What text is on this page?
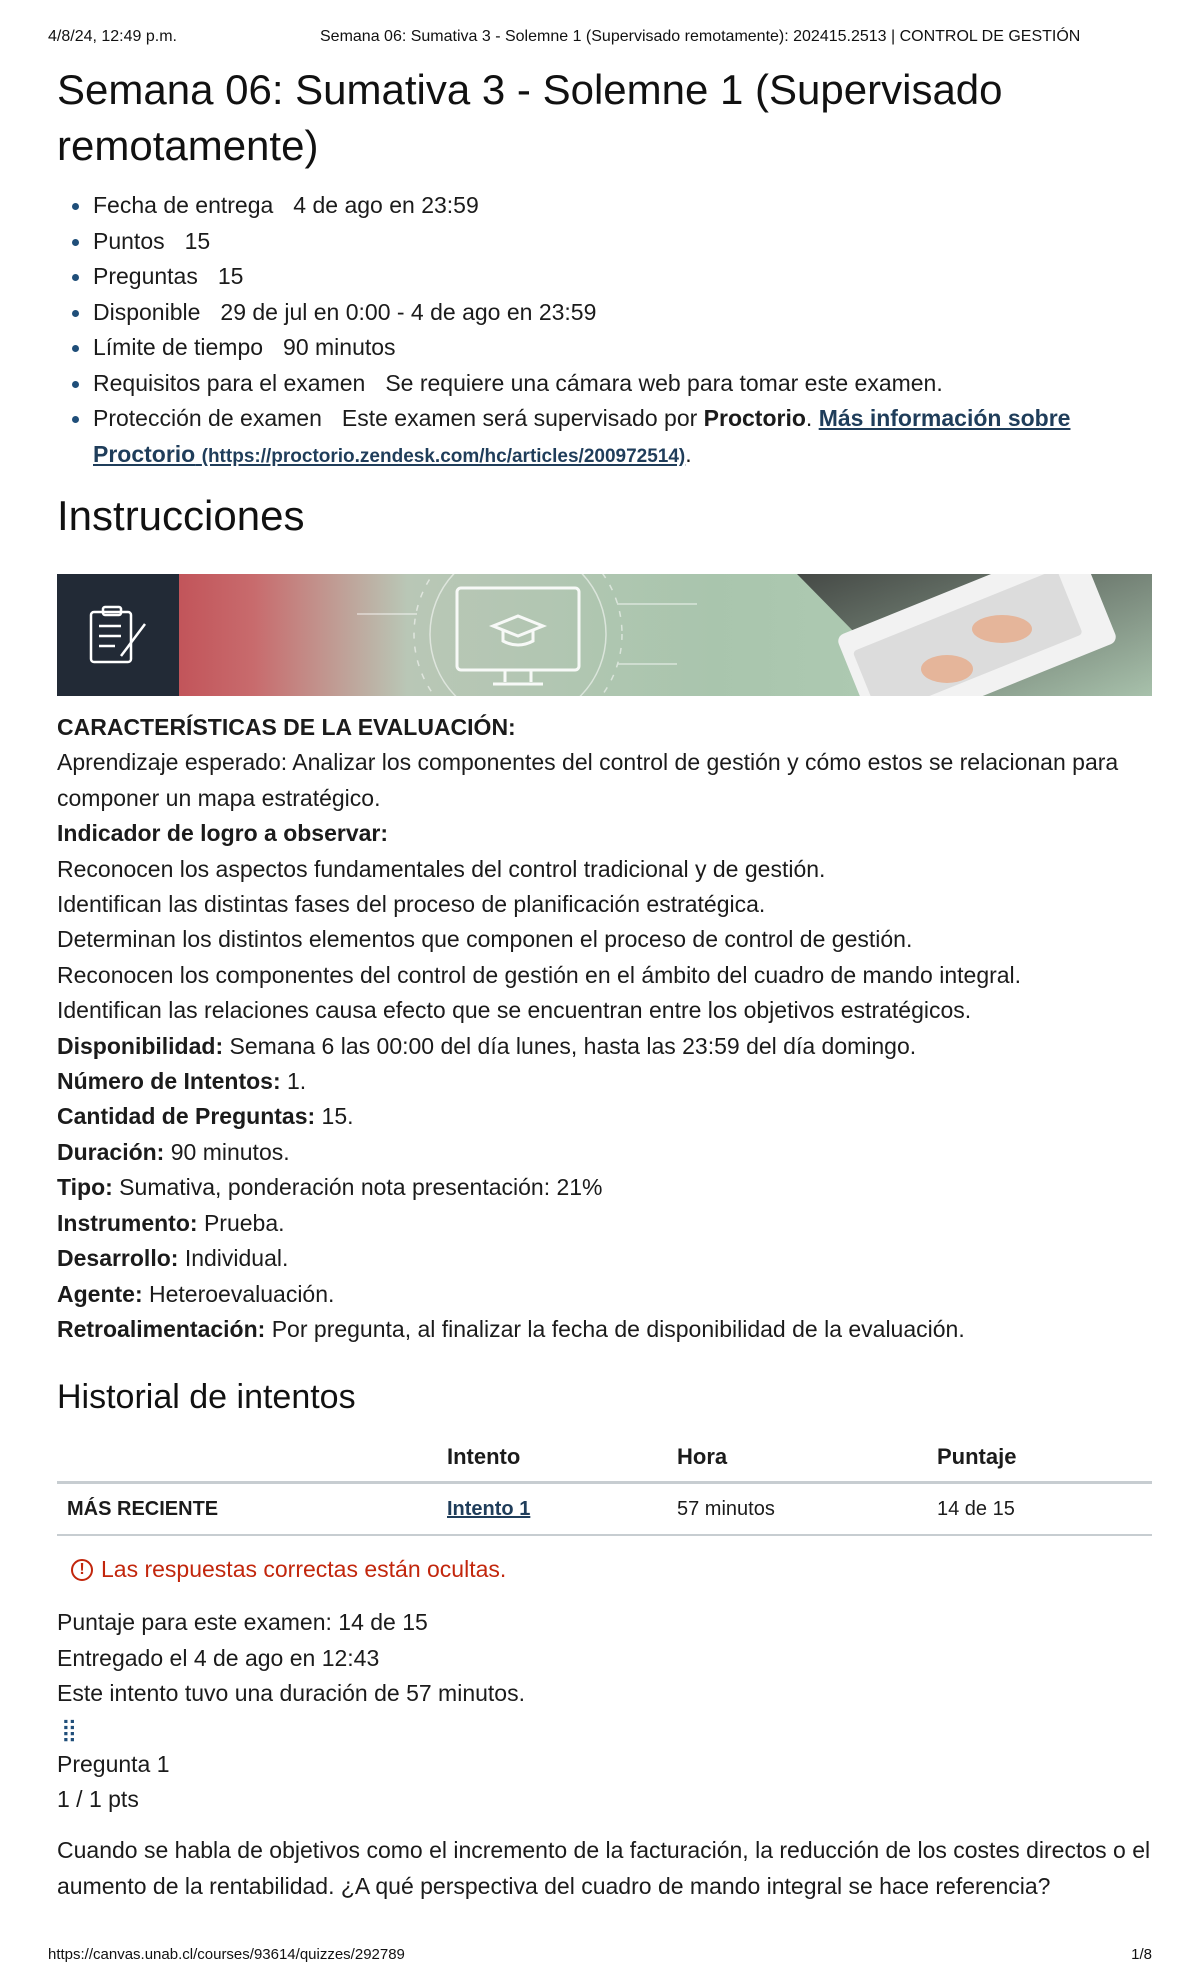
4/8/24, 12:49 p.m.	Semana 06: Sumativa 3 - Solemne 1 (Supervisado remotamente): 202415.2513 | CONTROL DE GESTIÓN
Semana 06: Sumativa 3 - Solemne 1 (Supervisado remotamente)
Fecha de entrega 4 de ago en 23:59
Puntos 15
Preguntas 15
Disponible 29 de jul en 0:00 - 4 de ago en 23:59
Límite de tiempo 90 minutos
Requisitos para el examen Se requiere una cámara web para tomar este examen.
Protección de examen Este examen será supervisado por Proctorio. Más información sobre Proctorio (https://proctorio.zendesk.com/hc/articles/200972514).
Instrucciones

CARACTERÍSTICAS DE LA EVALUACIÓN:

Aprendizaje esperado: Analizar los componentes del control de gestión y cómo estos se relacionan para componer un mapa estratégico.

Indicador de logro a observar:

Reconocen los aspectos fundamentales del control tradicional y de gestión.

Identifican las distintas fases del proceso de planificación estratégica.

Determinan los distintos elementos que componen el proceso de control de gestión.

Reconocen los componentes del control de gestión en el ámbito del cuadro de mando integral.

Identifican las relaciones causa efecto que se encuentran entre los objetivos estratégicos.

Disponibilidad: Semana 6 las 00:00 del día lunes, hasta las 23:59 del día domingo.

Número de Intentos: 1.

Cantidad de Preguntas: 15.

Duración: 90 minutos.

Tipo: Sumativa, ponderación nota presentación: 21%

Instrumento: Prueba.

Desarrollo: Individual.

Agente: Heteroevaluación.

Retroalimentación: Por pregunta, al finalizar la fecha de disponibilidad de la evaluación.

Historial de intentos
	Intento	Hora	Puntaje
MÁS RECIENTE	Intento 1	57 minutos	14 de 15
! Las respuestas correctas están ocultas.

Puntaje para este examen: 14 de 15

Entregado el 4 de ago en 12:43

Este intento tuvo una duración de 57 minutos.

⣿

Pregunta 1

1 / 1 pts

Cuando se habla de objetivos como el incremento de la facturación, la reducción de los costes directos o el aumento de la rentabilidad. ¿A qué perspectiva del cuadro de mando integral se hace referencia?
https://canvas.unab.cl/courses/93614/quizzes/292789	1/8
